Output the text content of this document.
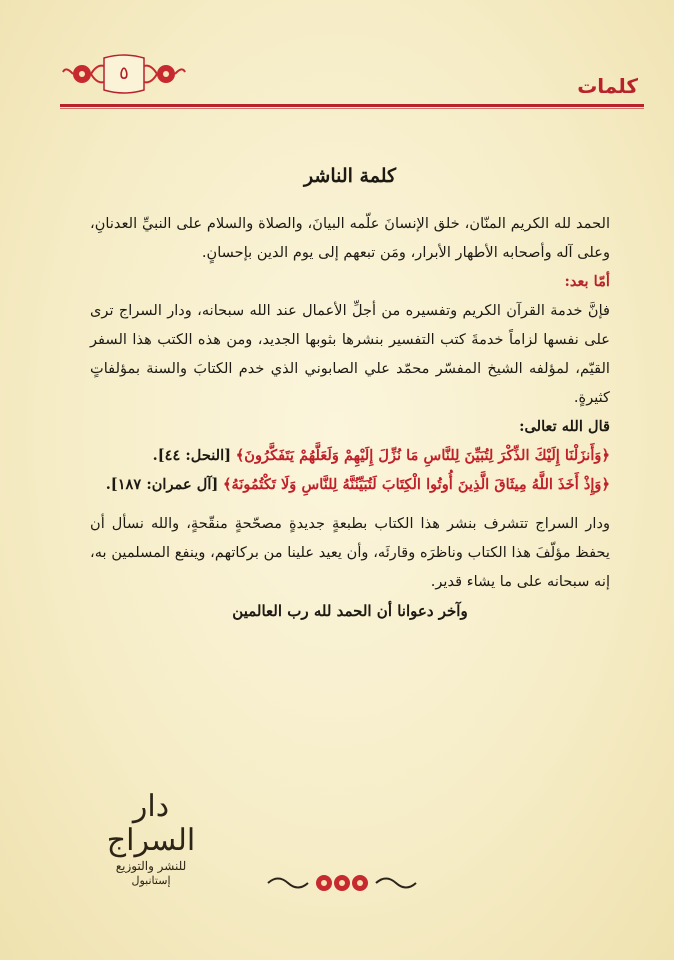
٥
كلمات
كلمة الناشر

الحمد لله الكريم المنّان، خلق الإنسانَ علّمه البيانَ، والصلاة والسلام على النبيِّ العدنانِ، وعلى آله وأصحابه الأطهار الأبرار، ومَن تبعهم إلى يوم الدين بإحسانٍ.

أمّا بعد:

فإنَّ خدمة القرآن الكريم وتفسيره من أجلِّ الأعمال عند الله سبحانه، ودار السراج ترى على نفسها لزاماً خدمةَ كتب التفسير بنشرها بثوبها الجديد، ومن هذه الكتب هذا السفر القيّم، لمؤلفه الشيخ المفسّر محمّد علي الصابوني الذي خدم الكتابَ والسنة بمؤلفاتٍ كثيرةٍ.

قال الله تعالى:

﴿وَأَنزَلْنَا إِلَيْكَ الذِّكْرَ لِتُبَيِّنَ لِلنَّاسِ مَا نُزِّلَ إِلَيْهِمْ وَلَعَلَّهُمْ يَتَفَكَّرُونَ﴾ [النحل: ٤٤].

﴿وَإِذْ أَخَذَ اللَّهُ مِيثَاقَ الَّذِينَ أُوتُوا الْكِتَابَ لَتُبَيِّنُنَّهُ لِلنَّاسِ وَلَا تَكْتُمُونَهُ﴾ [آل عمران: ١٨٧].

ودار السراج تتشرف بنشر هذا الكتاب بطبعةٍ جديدةٍ مصحّحةٍ منقّحةٍ، والله نسأل أن يحفظ مؤلّفَ هذا الكتاب وناظرَه وقارئَه، وأن يعيد علينا من بركاتهم، وينفع المسلمين به، إنه سبحانه على ما يشاء قدير.

وآخر دعوانا أن الحمد لله رب العالمين
دار السراج
للنشر والتوزيع
إستانبول
